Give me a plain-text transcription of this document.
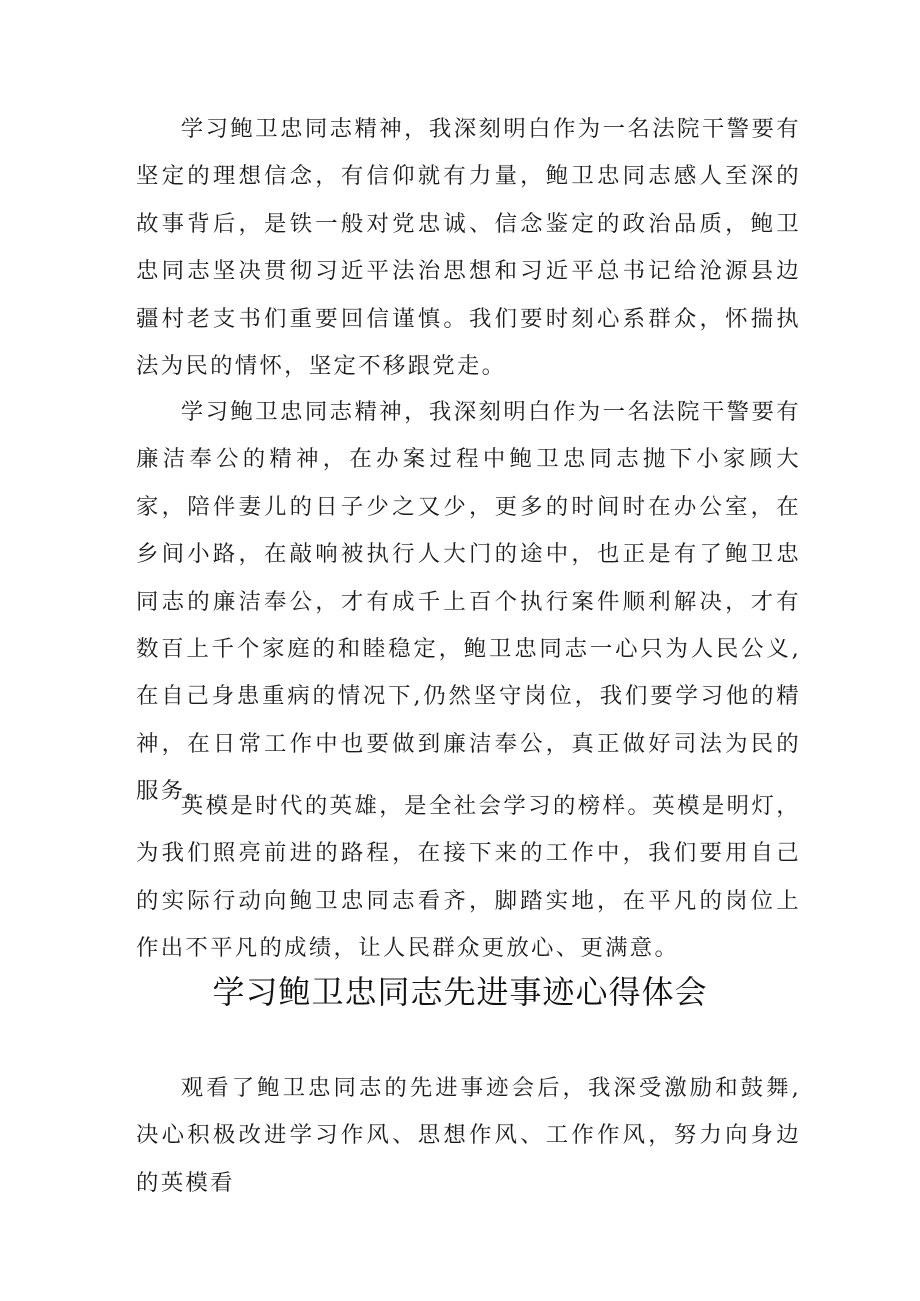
学习鲍卫忠同志精神，我深刻明白作为一名法院干警要有坚定的理想信念，有信仰就有力量，鲍卫忠同志感人至深的故事背后，是铁一般对党忠诚、信念鉴定的政治品质，鲍卫忠同志坚决贯彻习近平法治思想和习近平总书记给沧源县边疆村老支书们重要回信谨慎。我们要时刻心系群众，怀揣执法为民的情怀，坚定不移跟党走。

学习鲍卫忠同志精神，我深刻明白作为一名法院干警要有廉洁奉公的精神，在办案过程中鲍卫忠同志抛下小家顾大家，陪伴妻儿的日子少之又少，更多的时间时在办公室，在乡间小路，在敲响被执行人大门的途中，也正是有了鲍卫忠同志的廉洁奉公，才有成千上百个执行案件顺利解决，才有数百上千个家庭的和睦稳定，鲍卫忠同志一心只为人民公义,在自己身患重病的情况下,仍然坚守岗位，我们要学习他的精神，在日常工作中也要做到廉洁奉公，真正做好司法为民的服务。

英模是时代的英雄，是全社会学习的榜样。英模是明灯，为我们照亮前进的路程，在接下来的工作中，我们要用自己的实际行动向鲍卫忠同志看齐，脚踏实地，在平凡的岗位上作出不平凡的成绩，让人民群众更放心、更满意。

学习鲍卫忠同志先进事迹心得体会

观看了鲍卫忠同志的先进事迹会后，我深受激励和鼓舞,决心积极改进学习作风、思想作风、工作作风，努力向身边的英模看
